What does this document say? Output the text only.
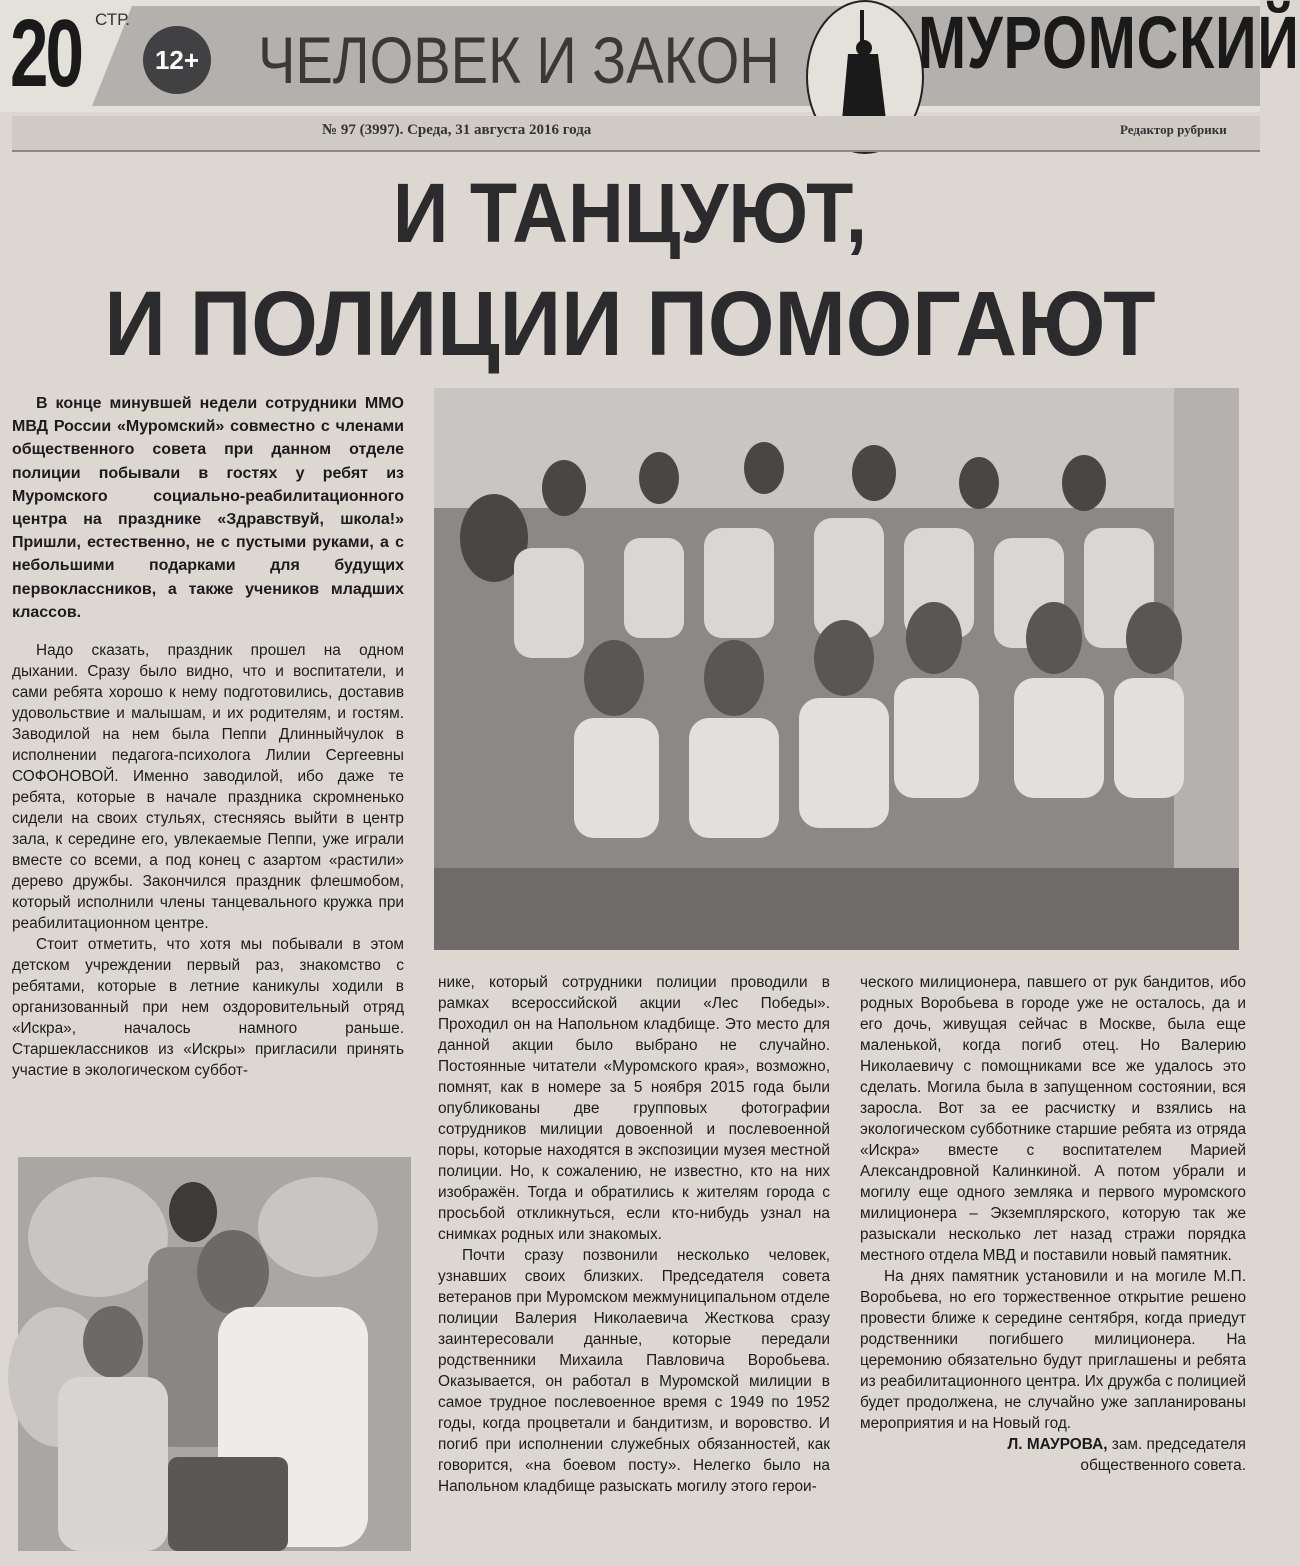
20 СТР.
12+ ЧЕЛОВЕК И ЗАКОН МУРОМСКИЙ
№ 97 (3997). Среда, 31 августа 2016 года	Редактор рубрики
И ТАНЦУЮТ,
И ПОЛИЦИИ ПОМОГАЮТ

В конце минувшей недели сотрудники ММО МВД России «Муромский» совместно с членами общественного совета при данном отделе полиции побывали в гостях у ребят из Муромского социально-реабилитационного центра на празднике «Здравствуй, школа!» Пришли, естественно, не с пустыми руками, а с небольшими подарками для будущих первоклассников, а также учеников младших классов.

Надо сказать, праздник прошел на одном дыхании. Сразу было видно, что и воспитатели, и сами ребята хорошо к нему подготовились, доставив удовольствие и малышам, и их родителям, и гостям. Заводилой на нем была Пеппи Длинныйчулок в исполнении педагога-психолога Лилии Сергеевны СОФОНОВОЙ. Именно заводилой, ибо даже те ребята, которые в начале праздника скромненько сидели на своих стульях, стесняясь выйти в центр зала, к середине его, увлекаемые Пеппи, уже играли вместе со всеми, а под конец с азартом «растили» дерево дружбы. Закончился праздник флешмобом, который исполнили члены танцевального кружка при реабилитационном центре.

Стоит отметить, что хотя мы побывали в этом детском учреждении первый раз, знакомство с ребятами, которые в летние каникулы ходили в организованный при нем оздоровительный отряд «Искра», началось намного раньше. Старшеклассников из «Искры» пригласили принять участие в экологическом суббот-

нике, который сотрудники полиции проводили в рамках всероссийской акции «Лес Победы». Проходил он на Напольном кладбище. Это место для данной акции было выбрано не случайно. Постоянные читатели «Муромского края», возможно, помнят, как в номере за 5 ноября 2015 года были опубликованы две групповых фотографии сотрудников милиции довоенной и послевоенной поры, которые находятся в экспозиции музея местной полиции. Но, к сожалению, не известно, кто на них изображён. Тогда и обратились к жителям города с просьбой откликнуться, если кто-нибудь узнал на снимках родных или знакомых.

Почти сразу позвонили несколько человек, узнавших своих близких. Председателя совета ветеранов при Муромском межмуниципальном отделе полиции Валерия Николаевича Жесткова сразу заинтересовали данные, которые передали родственники Михаила Павловича Воробьева. Оказывается, он работал в Муромской милиции в самое трудное послевоенное время с 1949 по 1952 годы, когда процветали и бандитизм, и воровство. И погиб при исполнении служебных обязанностей, как говорится, «на боевом посту». Нелегко было на Напольном кладбище разыскать могилу этого герои-

ческого милиционера, павшего от рук бандитов, ибо родных Воробьева в городе уже не осталось, да и его дочь, живущая сейчас в Москве, была еще маленькой, когда погиб отец. Но Валерию Николаевичу с помощниками все же удалось это сделать. Могила была в запущенном состоянии, вся заросла. Вот за ее расчистку и взялись на экологическом субботнике старшие ребята из отряда «Искра» вместе с воспитателем Марией Александровной Калинкиной. А потом убрали и могилу еще одного земляка и первого муромского милиционера – Экземплярского, которую так же разыскали несколько лет назад стражи порядка местного отдела МВД и поставили новый памятник.

На днях памятник установили и на могиле М.П. Воробьева, но его торжественное открытие решено провести ближе к середине сентября, когда приедут родственники погибшего милиционера. На церемонию обязательно будут приглашены и ребята из реабилитационного центра. Их дружба с полицией будет продолжена, не случайно уже запланированы мероприятия и на Новый год.

Л. МАУРОВА, зам. председателя
общественного совета.
